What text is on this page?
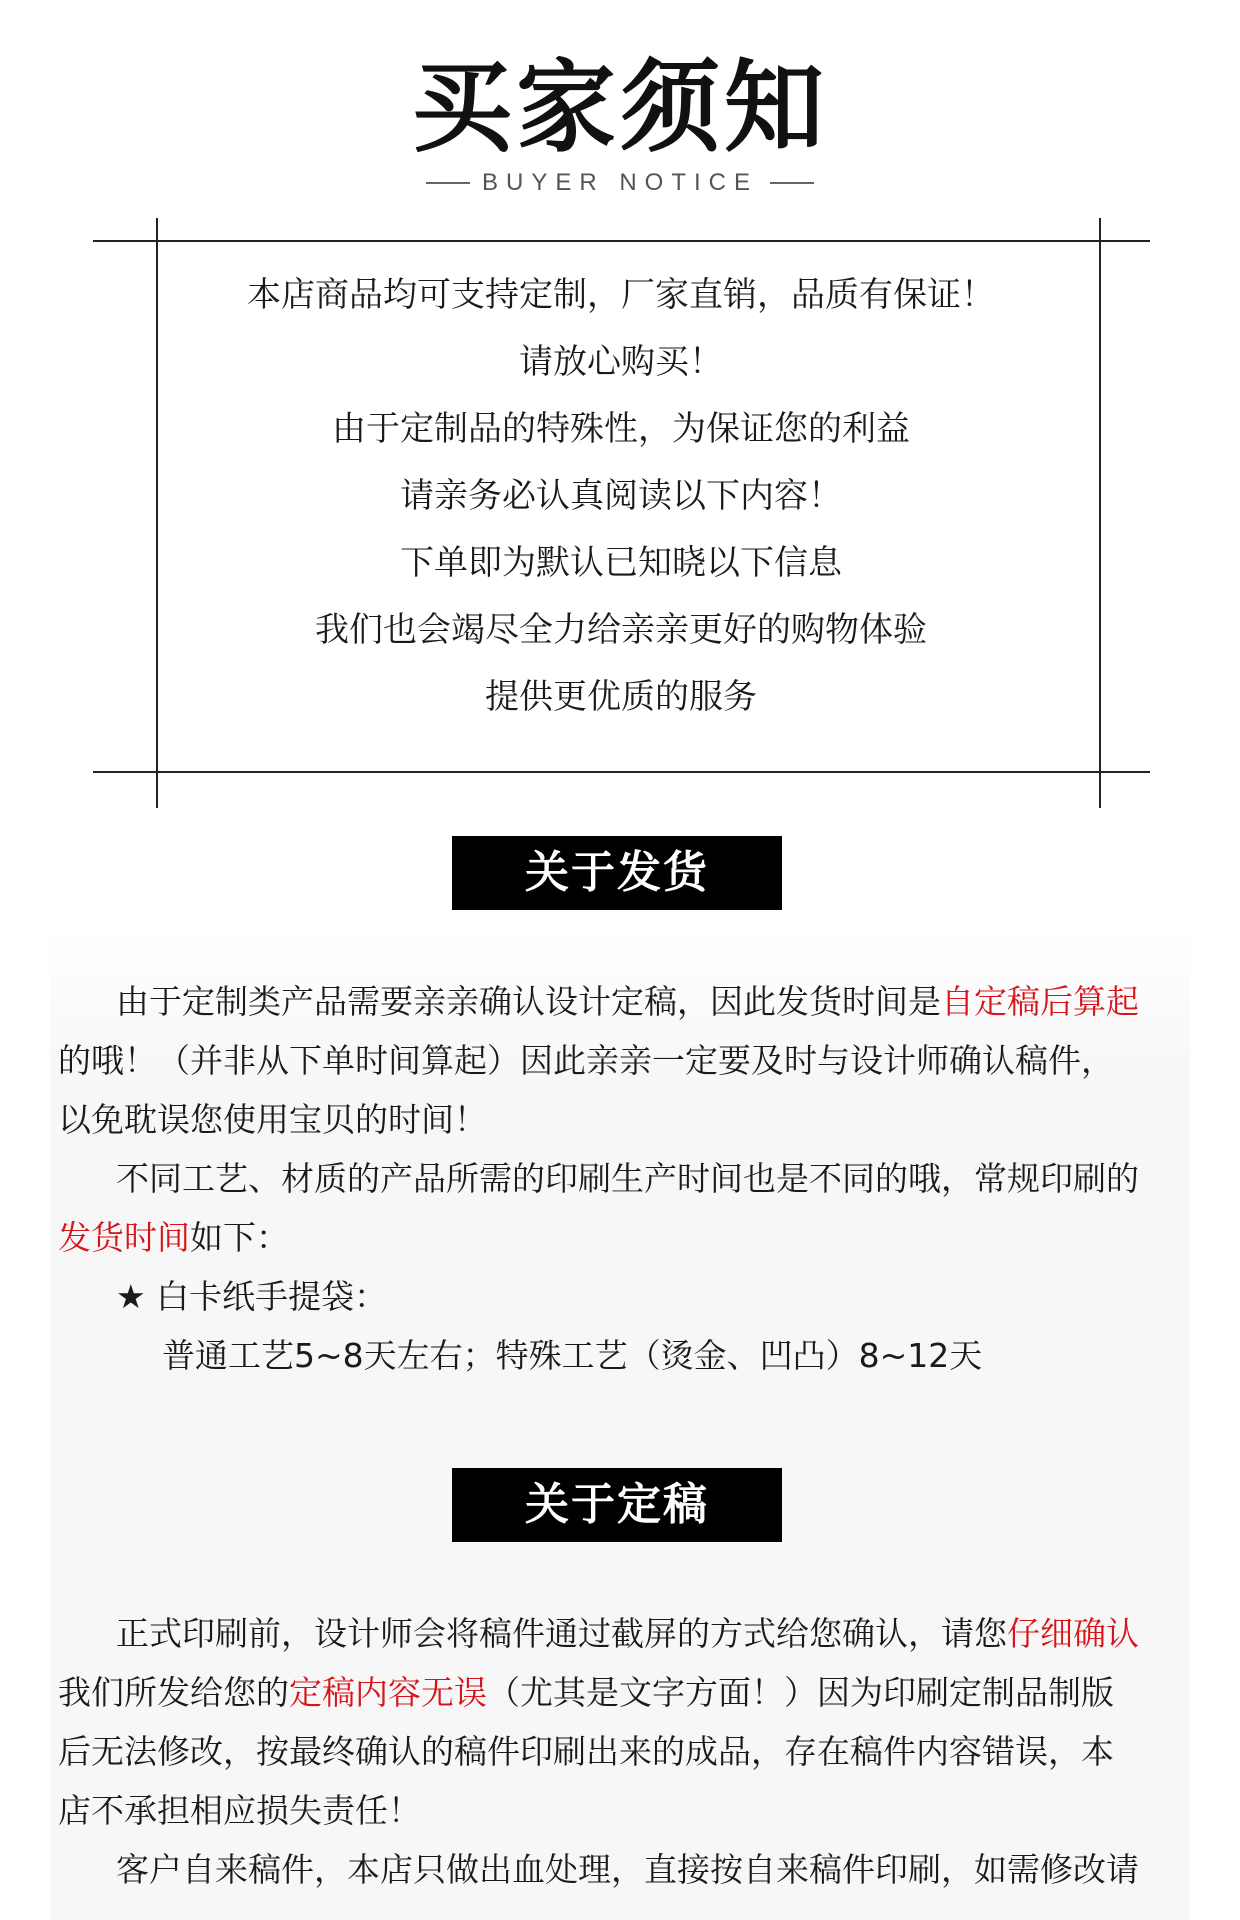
买家须知
BUYER NOTICE
本店商品均可支持定制，厂家直销，品质有保证！
请放心购买！
由于定制品的特殊性，为保证您的利益
请亲务必认真阅读以下内容！
下单即为默认已知晓以下信息
我们也会竭尽全力给亲亲更好的购物体验
提供更优质的服务
关于发货
由于定制类产品需要亲亲确认设计定稿，因此发货时间是自定稿后算起
的哦！（并非从下单时间算起）因此亲亲一定要及时与设计师确认稿件，
以免耽误您使用宝贝的时间！
不同工艺、材质的产品所需的印刷生产时间也是不同的哦，常规印刷的
发货时间如下：
★ 白卡纸手提袋：
普通工艺5~8天左右；特殊工艺（烫金、凹凸）8~12天
关于定稿
正式印刷前，设计师会将稿件通过截屏的方式给您确认，请您仔细确认
我们所发给您的定稿内容无误（尤其是文字方面！）因为印刷定制品制版
后无法修改，按最终确认的稿件印刷出来的成品，存在稿件内容错误，本
店不承担相应损失责任！
客户自来稿件，本店只做出血处理，直接按自来稿件印刷，如需修改请
